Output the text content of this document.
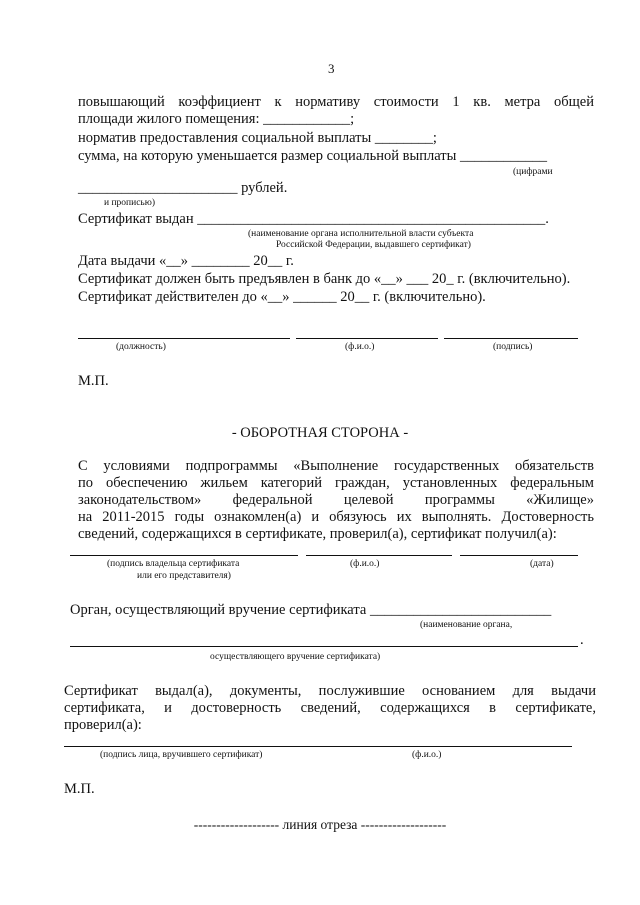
3
повышающий коэффициент к нормативу стоимости 1 кв. метра общей
площади жилого помещения: ____________;
норматив предоставления социальной выплаты ________;
сумма, на которую уменьшается размер социальной выплаты ____________
(цифрами
______________________ рублей.
и прописью)
Сертификат выдан ________________________________________________.
(наименование органа исполнительной власти субъекта
Российской Федерации, выдавшего сертификат)
Дата выдачи «__» ________ 20__ г.
Сертификат должен быть предъявлен в банк до «__» ___ 20_ г. (включительно).
Сертификат действителен до «__» ______ 20__ г. (включительно).
(должность)	(ф.и.о.)	(подпись)
М.П.
- ОБОРОТНАЯ СТОРОНА -
С условиями подпрограммы «Выполнение государственных обязательств
по обеспечению жильем категорий граждан, установленных федеральным
законодательством» федеральной целевой программы «Жилище»
на 2011-2015 годы ознакомлен(а) и обязуюсь их выполнять. Достоверность
сведений, содержащихся в сертификате, проверил(а), сертификат получил(а):
(подпись владельца сертификата
или его представителя)
(ф.и.о.)	(дата)
Орган, осуществляющий вручение сертификата _________________________
(наименование органа,
.
осуществляющего вручение сертификата)
Сертификат выдал(а), документы, послужившие основанием для выдачи
сертификата, и достоверность сведений, содержащихся в сертификате,
проверил(а):
(подпись лица, вручившего сертификат)	(ф.и.о.)
М.П.
------------------- линия отреза -------------------
